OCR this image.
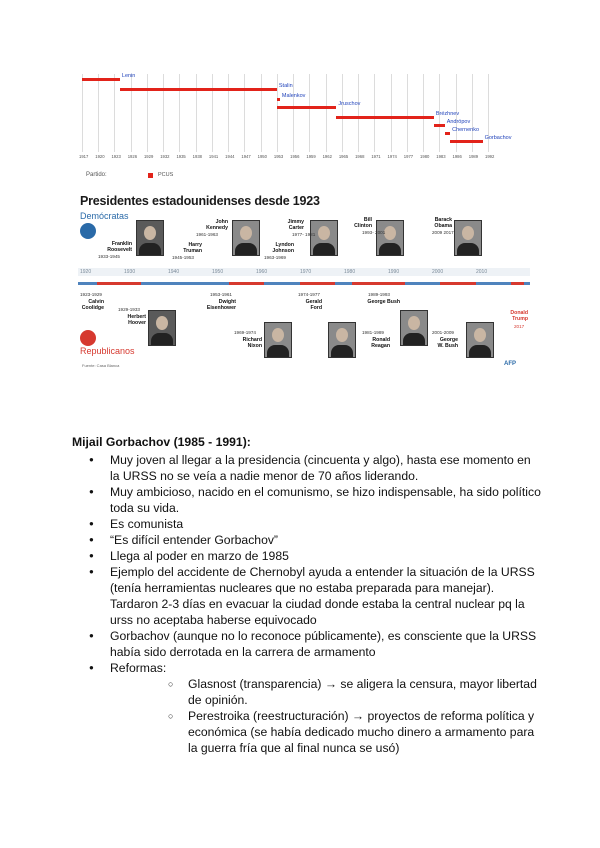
Partido:	PCUS
1917 1920 1923 1926 1929 1932 1935 1938 1941 1944 1947 1950 1953 1956 1959 1962 1965 1968 1971 1974 1977 1980 1983 1986 1989 1992
Lenin
Stalin
Malenkov
Jruschov
Brézhnev
Andrópov
Chernenko
Gorbachov
Presidentes estadounidenses desde 1923
Demócratas
Republicanos
Fuente: Casa Blanca	AFP
1920	1930	1940	1950	1960	1970	1980	1990	2000	2010
Franklin
Roosevelt
1933-1945
Harry
Truman
1945-1953
John
Kennedy
1961-1963
Lyndon
Johnson
1963-1969
Jimmy
Carter
1977- 1981
Bill
Clinton
1993- 2001
Barack
Obama
2009 2017
1923-1929
Calvin
Coolidge	1929-1933
Herbert
Hoover
1953-1961
Dwight
Eisenhower
1969-1974
Richard
Nixon
1974-1977
Gerald
Ford
1981-1989
Ronald
Reagan
1989-1993
George Bush
2001-2009
George
W. Bush
Donald
Trump
2017
Mijail Gorbachov (1985 - 1991):
● Muy joven al llegar a la presidencia (cincuenta y algo), hasta ese momento en la URSS no se veía a nadie menor de 70 años liderando.
● Muy ambicioso, nacido en el comunismo, se hizo indispensable, ha sido político toda su vida.
● Es comunista
● “Es difícil entender Gorbachov”
● Llega al poder en marzo de 1985
● Ejemplo del accidente de Chernobyl ayuda a entender la situación de la URSS (tenía herramientas nucleares que no estaba preparada para manejar). Tardaron 2-3 días en evacuar la ciudad donde estaba la central nuclear pq la urss no aceptaba haberse equivocado
● Gorbachov (aunque no lo reconoce públicamente), es consciente que la URSS había sido derrotada en la carrera de armamento
● Reformas:
○ Glasnost (transparencia) → se aligera la censura, mayor libertad de opinión.
○ Perestroika (reestructuración) → proyectos de reforma política y económica (se había dedicado mucho dinero a armamento para la guerra fría que al final nunca se usó)
